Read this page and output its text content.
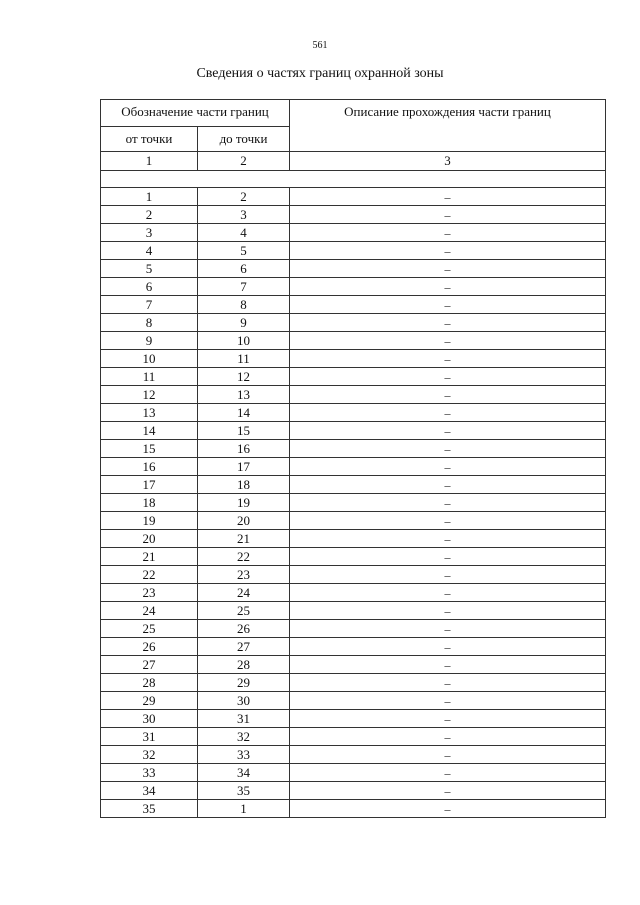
561
Сведения о частях границ охранной зоны
Обозначение части границ		Описание прохождения части границ
от точки	до точки	
1	2	3

1	2	–
2	3	–
3	4	–
4	5	–
5	6	–
6	7	–
7	8	–
8	9	–
9	10	–
10	11	–
11	12	–
12	13	–
13	14	–
14	15	–
15	16	–
16	17	–
17	18	–
18	19	–
19	20	–
20	21	–
21	22	–
22	23	–
23	24	–
24	25	–
25	26	–
26	27	–
27	28	–
28	29	–
29	30	–
30	31	–
31	32	–
32	33	–
33	34	–
34	35	–
35	1	–
